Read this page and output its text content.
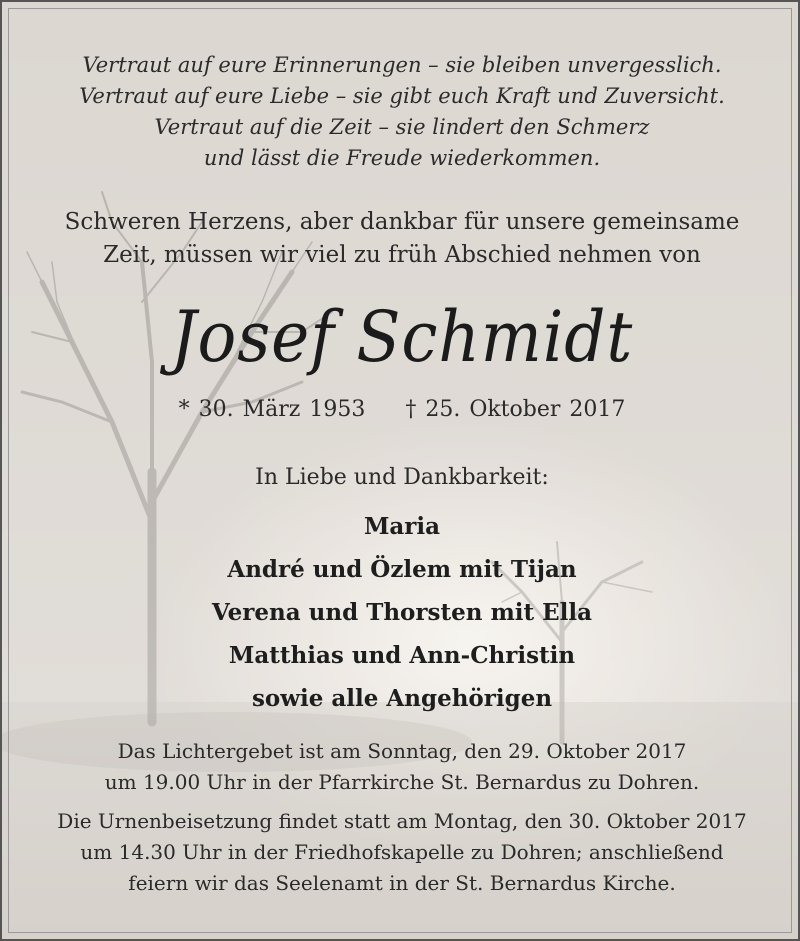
Vertraut auf eure Erinnerungen – sie bleiben unvergesslich.
Vertraut auf eure Liebe – sie gibt euch Kraft und Zuversicht.
Vertraut auf die Zeit – sie lindert den Schmerz
und lässt die Freude wiederkommen.
Schweren Herzens, aber dankbar für unsere gemeinsame
Zeit, müssen wir viel zu früh Abschied nehmen von
Josef Schmidt
* 30. März 1953 † 25. Oktober 2017
In Liebe und Dankbarkeit:
Maria
André und Özlem mit Tijan
Verena und Thorsten mit Ella
Matthias und Ann-Christin
sowie alle Angehörigen
Das Lichtergebet ist am Sonntag, den 29. Oktober 2017
um 19.00 Uhr in der Pfarrkirche St. Bernardus zu Dohren.
Die Urnenbeisetzung findet statt am Montag, den 30. Oktober 2017
um 14.30 Uhr in der Friedhofskapelle zu Dohren; anschließend
feiern wir das Seelenamt in der St. Bernardus Kirche.
